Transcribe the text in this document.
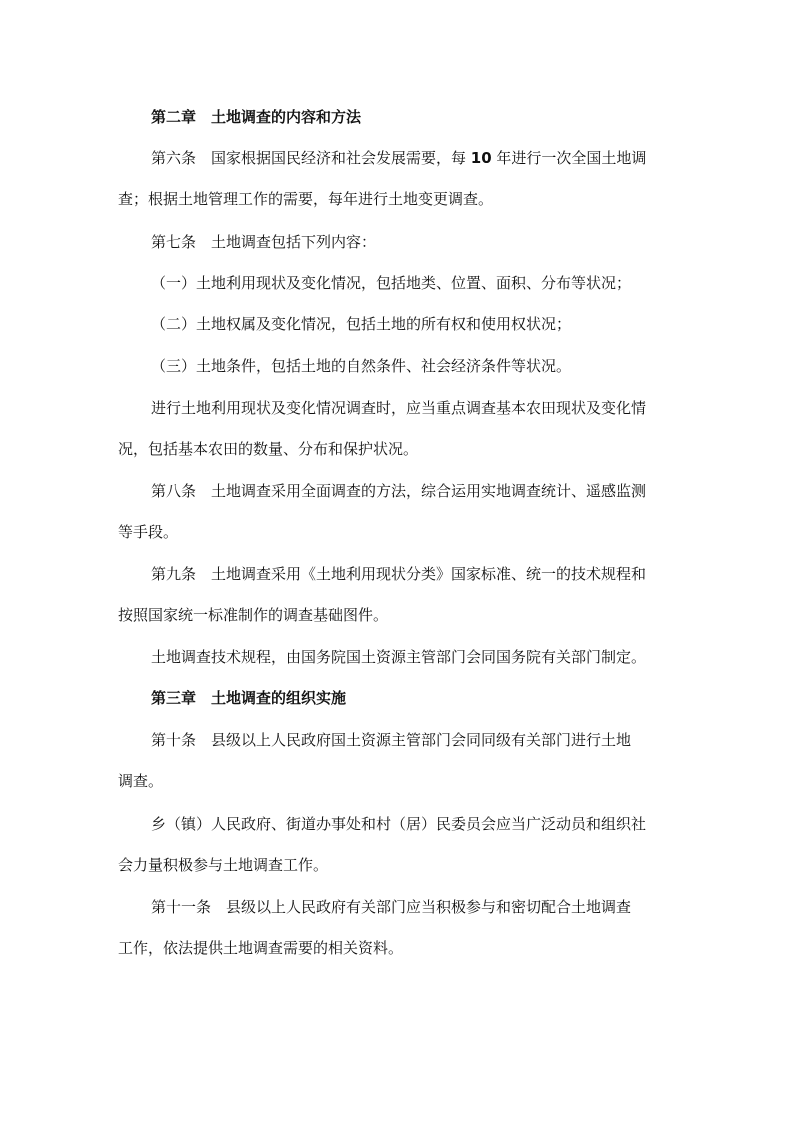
第二章　土地调查的内容和方法
第六条　国家根据国民经济和社会发展需要，每 10 年进行一次全国土地调
查；根据土地管理工作的需要，每年进行土地变更调查。
第七条　土地调查包括下列内容：
（一）土地利用现状及变化情况，包括地类、位置、面积、分布等状况；
（二）土地权属及变化情况，包括土地的所有权和使用权状况；
（三）土地条件，包括土地的自然条件、社会经济条件等状况。
进行土地利用现状及变化情况调查时，应当重点调查基本农田现状及变化情
况，包括基本农田的数量、分布和保护状况。
第八条　土地调查采用全面调查的方法，综合运用实地调查统计、遥感监测
等手段。
第九条　土地调查采用《土地利用现状分类》国家标准、统一的技术规程和
按照国家统一标准制作的调查基础图件。
土地调查技术规程，由国务院国土资源主管部门会同国务院有关部门制定。
第三章　土地调查的组织实施
第十条　县级以上人民政府国土资源主管部门会同同级有关部门进行土地
调查。
乡（镇）人民政府、街道办事处和村（居）民委员会应当广泛动员和组织社
会力量积极参与土地调查工作。
第十一条　县级以上人民政府有关部门应当积极参与和密切配合土地调查
工作，依法提供土地调查需要的相关资料。
